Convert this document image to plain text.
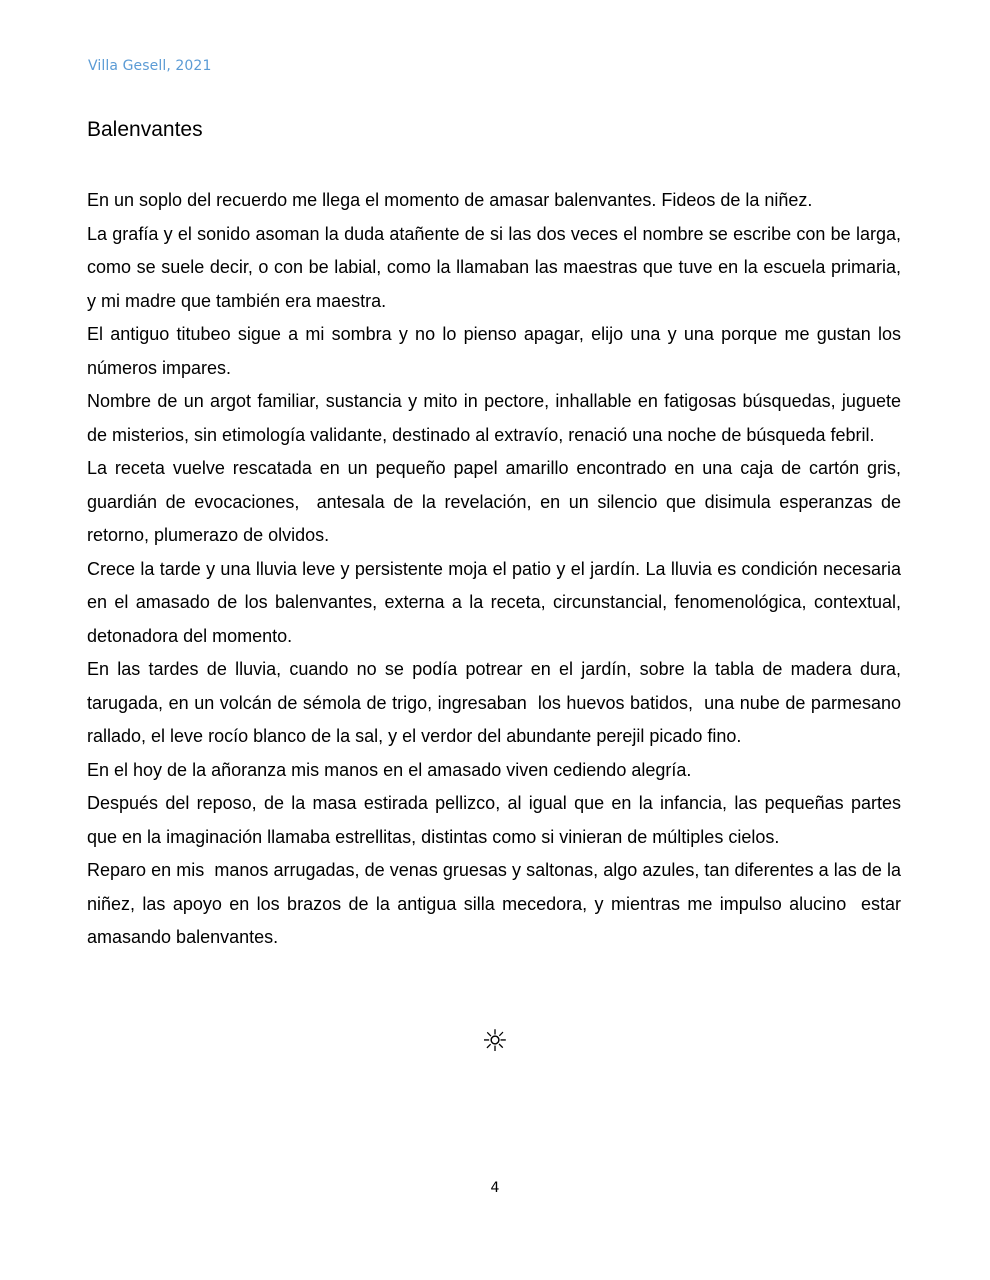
Villa Gesell, 2021
Balenvantes

En un soplo del recuerdo me llega el momento de amasar balenvantes. Fideos de la niñez.

La grafía y el sonido asoman la duda atañente de si las dos veces el nombre se escribe con be larga, como se suele decir, o con be labial, como la llamaban las maestras que tuve en la escuela primaria, y mi madre que también era maestra.

El antiguo titubeo sigue a mi sombra y no lo pienso apagar, elijo una y una porque me gustan los números impares.

Nombre de un argot familiar, sustancia y mito in pectore, inhallable en fatigosas búsquedas, juguete de misterios, sin etimología validante, destinado al extravío, renació una noche de búsqueda febril.

La receta vuelve rescatada en un pequeño papel amarillo encontrado en una caja de cartón gris, guardián de evocaciones,  antesala de la revelación, en un silencio que disimula esperanzas de retorno, plumerazo de olvidos.

Crece la tarde y una lluvia leve y persistente moja el patio y el jardín. La lluvia es condición necesaria en el amasado de los balenvantes, externa a la receta, circunstancial, fenomenológica, contextual, detonadora del momento.

En las tardes de lluvia, cuando no se podía potrear en el jardín, sobre la tabla de madera dura, tarugada, en un volcán de sémola de trigo, ingresaban  los huevos batidos,  una nube de parmesano rallado, el leve rocío blanco de la sal, y el verdor del abundante perejil picado fino.

En el hoy de la añoranza mis manos en el amasado viven cediendo alegría.

Después del reposo, de la masa estirada pellizco, al igual que en la infancia, las pequeñas partes  que en la imaginación llamaba estrellitas, distintas como si vinieran de múltiples cielos.

Reparo en mis  manos arrugadas, de venas gruesas y saltonas, algo azules, tan diferentes a las de la niñez, las apoyo en los brazos de la antigua silla mecedora, y mientras me impulso alucino  estar amasando balenvantes.

☼
4
